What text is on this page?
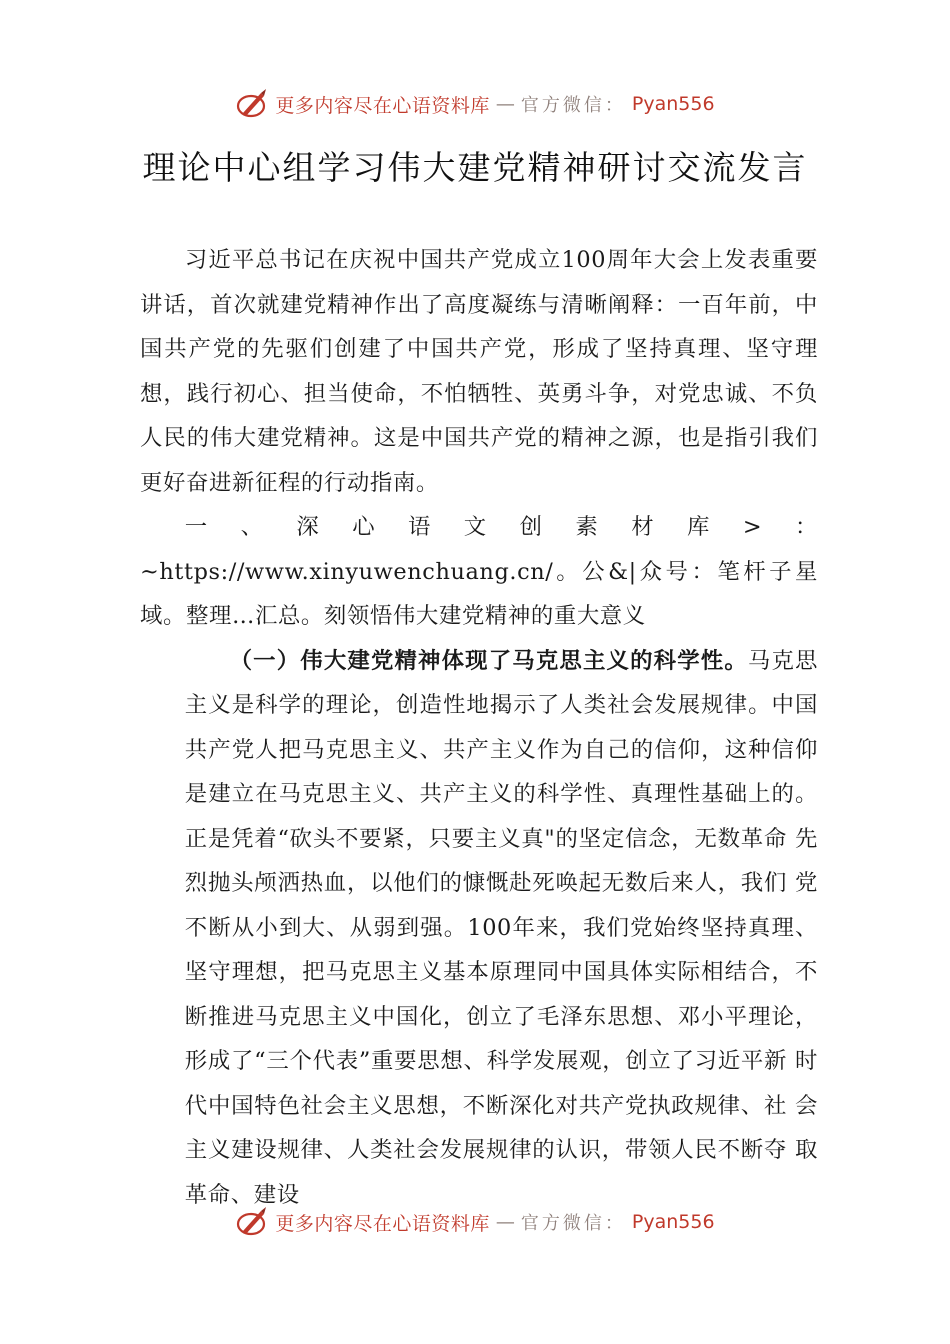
更多内容尽在心语资料库 — 官方微信： Pyan556
理论中心组学习伟大建党精神研讨交流发言

习近平总书记在庆祝中国共产党成立100周年大会上发表重要讲话，首次就建党精神作出了高度凝练与清晰阐释：一百年前，中国共产党的先驱们创建了中国共产党，形成了坚持真理、坚守理想，践行初心、担当使命，不怕牺牲、英勇斗争，对党忠诚、不负人民的伟大建党精神。这是中国共产党的精神之源，也是指引我们更好奋进新征程的行动指南。

一、深心语文创素材库>：~https://www.xinyuwenchuang.cn/。公&|众号：笔杆子星域。整理…汇总。刻领悟伟大建党精神的重大意义

（一）伟大建党精神体现了马克思主义的科学性。马克思主义是科学的理论，创造性地揭示了人类社会发展规律。中国共产党人把马克思主义、共产主义作为自己的信仰，这种信仰是建立在马克思主义、共产主义的科学性、真理性基础上的。正是凭着“砍头不要紧，只要主义真"的坚定信念，无数革命 先烈抛头颅洒热血，以他们的慷慨赴死唤起无数后来人，我们 党不断从小到大、从弱到强。100年来，我们党始终坚持真理、 坚守理想，把马克思主义基本原理同中国具体实际相结合，不 断推进马克思主义中国化，创立了毛泽东思想、邓小平理论， 形成了“三个代表”重要思想、科学发展观，创立了习近平新 时代中国特色社会主义思想，不断深化对共产党执政规律、社 会主义建设规律、人类社会发展规律的认识，带领人民不断夺 取革命、建设

更多内容尽在心语资料库 — 官方微信： Pyan556
